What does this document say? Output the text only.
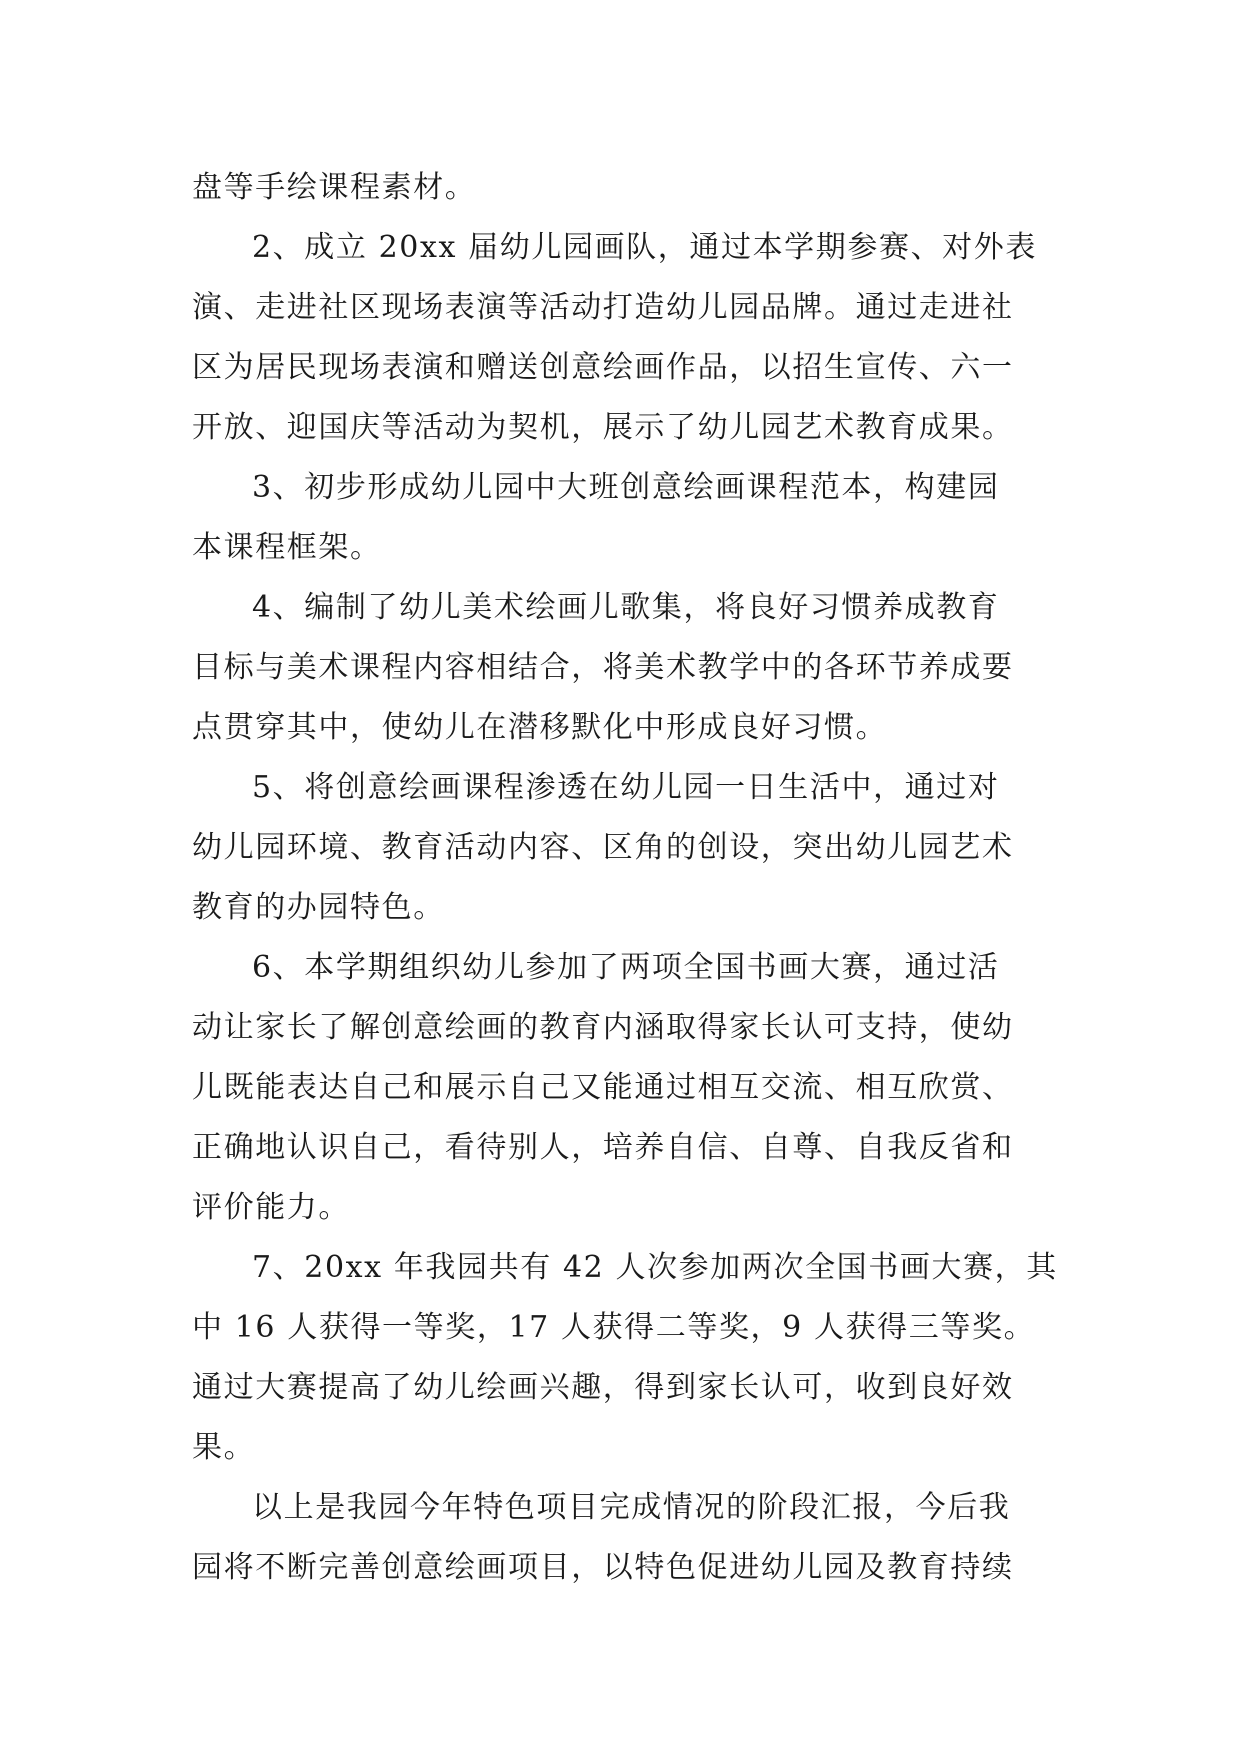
盘等手绘课程素材。
2、成立 20xx 届幼儿园画队，通过本学期参赛、对外表
演、走进社区现场表演等活动打造幼儿园品牌。通过走进社
区为居民现场表演和赠送创意绘画作品，以招生宣传、六一
开放、迎国庆等活动为契机，展示了幼儿园艺术教育成果。
3、初步形成幼儿园中大班创意绘画课程范本，构建园
本课程框架。
4、编制了幼儿美术绘画儿歌集，将良好习惯养成教育
目标与美术课程内容相结合，将美术教学中的各环节养成要
点贯穿其中，使幼儿在潜移默化中形成良好习惯。
5、将创意绘画课程渗透在幼儿园一日生活中，通过对
幼儿园环境、教育活动内容、区角的创设，突出幼儿园艺术
教育的办园特色。
6、本学期组织幼儿参加了两项全国书画大赛，通过活
动让家长了解创意绘画的教育内涵取得家长认可支持，使幼
儿既能表达自己和展示自己又能通过相互交流、相互欣赏、
正确地认识自己，看待别人，培养自信、自尊、自我反省和
评价能力。
7、20xx 年我园共有 42 人次参加两次全国书画大赛，其
中 16 人获得一等奖，17 人获得二等奖，9 人获得三等奖。
通过大赛提高了幼儿绘画兴趣，得到家长认可，收到良好效
果。
以上是我园今年特色项目完成情况的阶段汇报，今后我
园将不断完善创意绘画项目，以特色促进幼儿园及教育持续
